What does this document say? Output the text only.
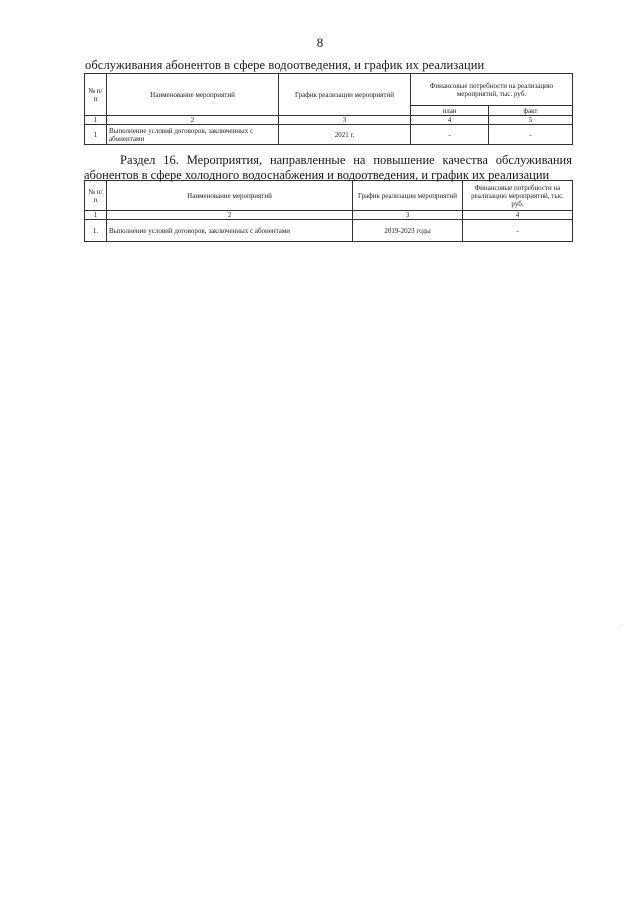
8
обслуживания абонентов в сфере водоотведения, и график их реализации
№ п/п	Наименование мероприятий	График реализации мероприятий	Финансовые потребности на реализацию мероприятий, тыс. руб.	
			план	факт
1	2	3	4	5
1	Выполнение условий договоров, заключенных с абонентами	2021 г.	-	-
Раздел 16. Мероприятия, направленные на повышение качества обслуживания абонентов в сфере холодного водоснабжения и водоотведения, и график их реализации
№ п/п	Наименование мероприятий	График реализации мероприятий	Финансовые потребности на реализацию мероприятий, тыс. руб.
1	2	3	4
1.	Выполнение условий договоров, заключенных с абонентами	2019-2023 годы	-
·
